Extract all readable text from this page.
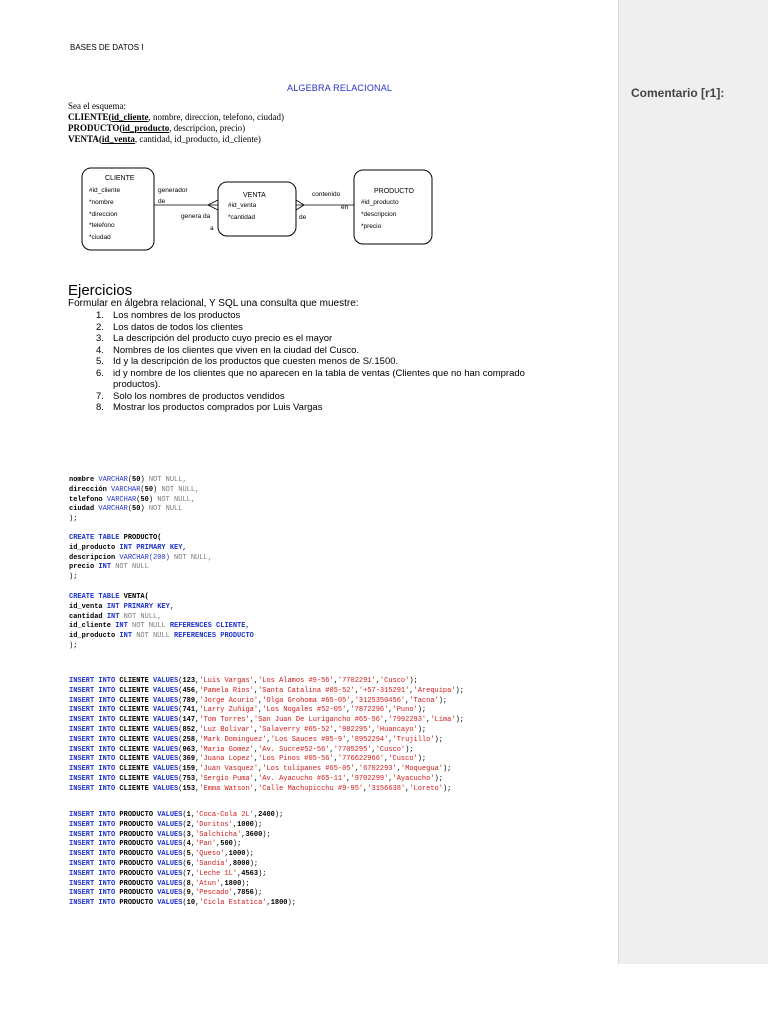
BASES DE DATOS I
ALGEBRA RELACIONAL
Sea el esquema:
CLIENTE(id_cliente, nombre, direccion, telefono, ciudad)
PRODUCTO(id_producto, descripcion, precio)
VENTA(id_venta, cantidad, id_producto, id_cliente)
CLIENTE
#id_cliente
*nombre
*direccion
*telefono
*ciudad
VENTA
#id_venta
*cantidad
PRODUCTO
#id_producto
*descripcion
*precio
generador
de
genera da
a
contenido
en
de
Ejercicios
Formular en álgebra relacional, Y SQL una consulta que muestre:
1. Los nombres de los productos
2. Los datos de todos los clientes
3. La descripción del producto cuyo precio es el mayor
4. Nombres de los clientes que viven en la ciudad del Cusco.
5. Id y la descripción de los productos que cuesten menos de S/.1500.
6. id y nombre de los clientes que no aparecen en la tabla de ventas (Clientes que no han comprado productos).
7. Solo los nombres de productos vendidos
8. Mostrar los productos comprados por Luis Vargas
nombre VARCHAR(50) NOT NULL,
dirección VARCHAR(50) NOT NULL,
telefono VARCHAR(50) NOT NULL,
ciudad VARCHAR(50) NOT NULL
);
CREATE TABLE PRODUCTO(
id_producto INT PRIMARY KEY,
descripcion VARCHAR(200) NOT NULL,
precio INT NOT NULL
);
CREATE TABLE VENTA(
id_venta INT PRIMARY KEY,
cantidad INT NOT NULL,
id_cliente INT NOT NULL REFERENCES CLIENTE,
id_producto INT NOT NULL REFERENCES PRODUCTO
);
INSERT INTO CLIENTE VALUES(123,'Luis Vargas','Los Alamos #9-56','7702291','Cusco');
INSERT INTO CLIENTE VALUES(456,'Pamela Rios','Santa Catalina #05-52','+57-315291','Arequipa');
INSERT INTO CLIENTE VALUES(789,'Jorge Acurio','Olga Grohoma #65-05','3125350456','Tacna');
INSERT INTO CLIENTE VALUES(741,'Larry Zuñiga','Los Nogales #52-05','7872296','Puno');
INSERT INTO CLIENTE VALUES(147,'Tom Torres','San Juan De Lurigancho #65-56','7992293','Lima');
INSERT INTO CLIENTE VALUES(852,'Luz Bolívar','Salaverry #65-52','982295','Huancayo');
INSERT INTO CLIENTE VALUES(258,'Mark Dominguez','Los Sauces #05-9','8952294','Trujillo');
INSERT INTO CLIENTE VALUES(963,'Maria Gomez','Av. Sucre#52-56','7705295','Cusco');
INSERT INTO CLIENTE VALUES(369,'Juana Lopez','Los Pinos #05-56','776622966','Cusco');
INSERT INTO CLIENTE VALUES(159,'Juan Vasquez','Los tulipanes #65-05','6702293','Moquegua');
INSERT INTO CLIENTE VALUES(753,'Sergio Puma','Av. Ayacucho #65-11','9702299','Ayacucho');
INSERT INTO CLIENTE VALUES(153,'Emma Watson','Calle Machupicchu #9-95','3156638','Loreto');
INSERT INTO PRODUCTO VALUES(1,'Coca-Cola 2L',2400);
INSERT INTO PRODUCTO VALUES(2,'Doritos',1000);
INSERT INTO PRODUCTO VALUES(3,'Salchicha',3600);
INSERT INTO PRODUCTO VALUES(4,'Pan',500);
INSERT INTO PRODUCTO VALUES(5,'Queso',1000);
INSERT INTO PRODUCTO VALUES(6,'Sandia',8000);
INSERT INTO PRODUCTO VALUES(7,'Leche 1L',4563);
INSERT INTO PRODUCTO VALUES(8,'Atun',1800);
INSERT INTO PRODUCTO VALUES(9,'Pescado',7856);
INSERT INTO PRODUCTO VALUES(10,'Cicla Estatica',1800);
Comentario [r1]:
